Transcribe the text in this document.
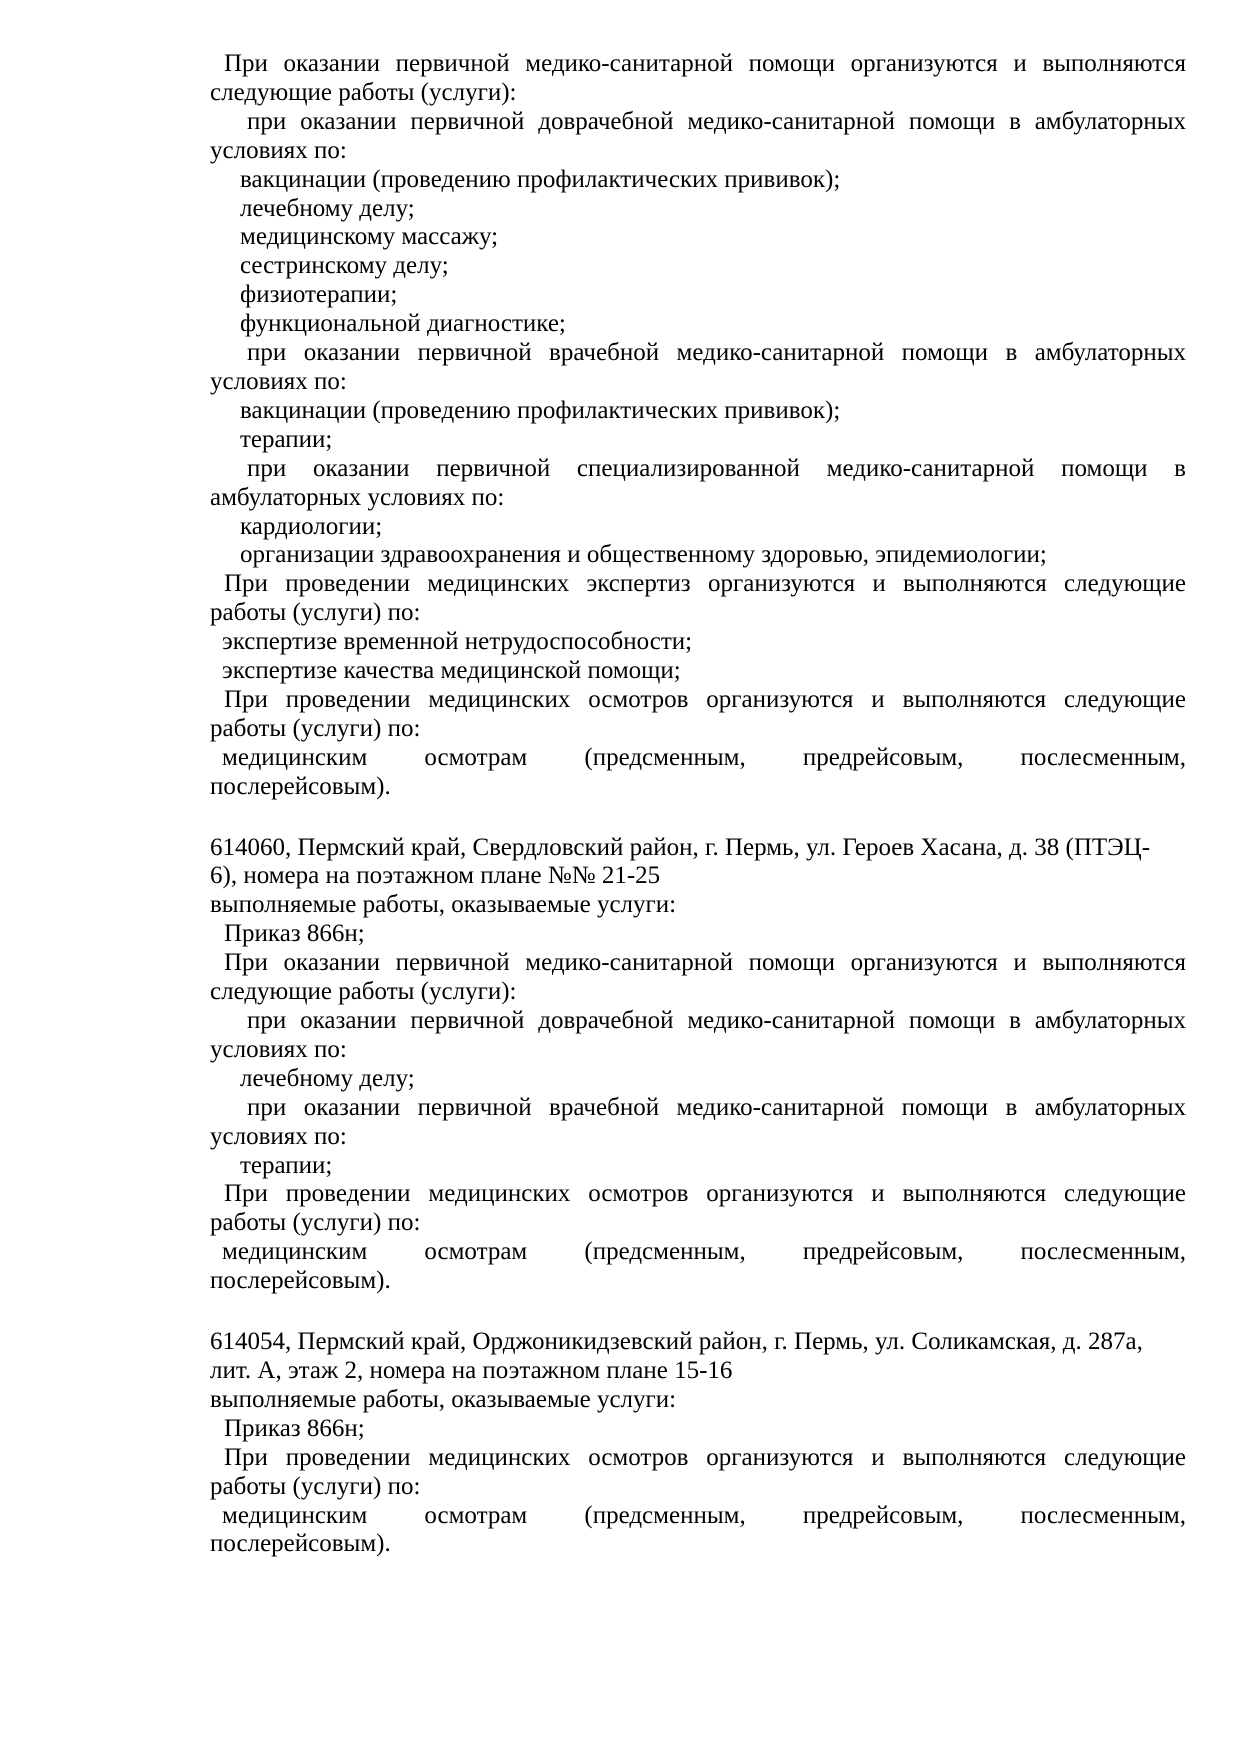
При оказании первичной медико-санитарной помощи организуются и выполняются
следующие работы (услуги):
при оказании первичной доврачебной медико-санитарной помощи в амбулаторных
условиях по:
вакцинации (проведению профилактических прививок);
лечебному делу;
медицинскому массажу;
сестринскому делу;
физиотерапии;
функциональной диагностике;
при оказании первичной врачебной медико-санитарной помощи в амбулаторных
условиях по:
вакцинации (проведению профилактических прививок);
терапии;
при оказании первичной специализированной медико-санитарной помощи в
амбулаторных условиях по:
кардиологии;
организации здравоохранения и общественному здоровью, эпидемиологии;
При проведении медицинских экспертиз организуются и выполняются следующие
работы (услуги) по:
экспертизе временной нетрудоспособности;
экспертизе качества медицинской помощи;
При проведении медицинских осмотров организуются и выполняются следующие
работы (услуги) по:
медицинским осмотрам (предсменным, предрейсовым, послесменным,
послерейсовым).
614060, Пермский край, Свердловский район, г. Пермь, ул. Героев Хасана, д. 38 (ПТЭЦ-
6), номера на поэтажном плане №№ 21-25
выполняемые работы, оказываемые услуги:
Приказ 866н;
При оказании первичной медико-санитарной помощи организуются и выполняются
следующие работы (услуги):
при оказании первичной доврачебной медико-санитарной помощи в амбулаторных
условиях по:
лечебному делу;
при оказании первичной врачебной медико-санитарной помощи в амбулаторных
условиях по:
терапии;
При проведении медицинских осмотров организуются и выполняются следующие
работы (услуги) по:
медицинским осмотрам (предсменным, предрейсовым, послесменным,
послерейсовым).
614054, Пермский край, Орджоникидзевский район, г. Пермь, ул. Соликамская, д. 287а,
лит. А, этаж 2, номера на поэтажном плане 15-16
выполняемые работы, оказываемые услуги:
Приказ 866н;
При проведении медицинских осмотров организуются и выполняются следующие
работы (услуги) по:
медицинским осмотрам (предсменным, предрейсовым, послесменным,
послерейсовым).
